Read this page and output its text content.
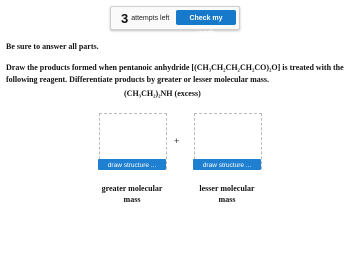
3 attempts left	Check my work
Be sure to answer all parts.
Draw the products formed when pentanoic anhydride [(CH₃CH₂CH₂CH₂CO)₂O] is treated with the
following reagent. Differentiate products by greater or lesser molecular mass.
(CH₃CH₂)₂NH (excess)
draw structure ...
+
draw structure ...
greater molecular
mass
lesser molecular
mass
